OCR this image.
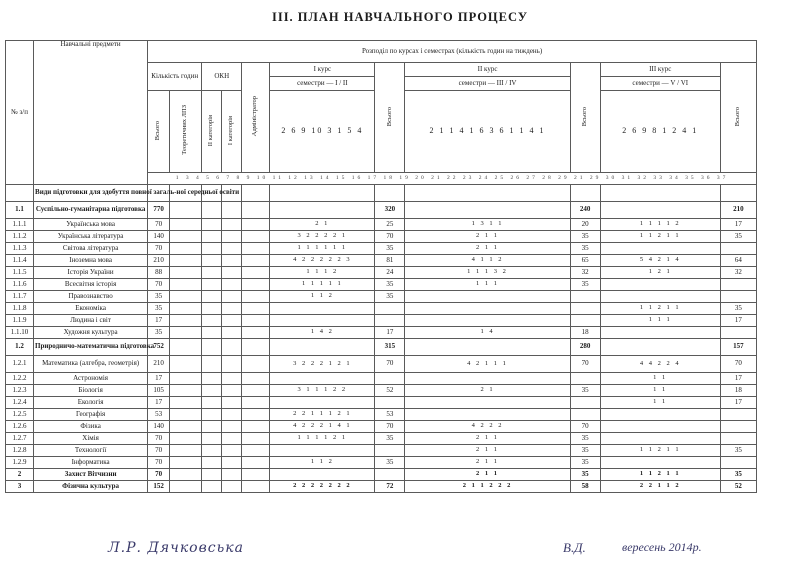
ІІІ. ПЛАН НАВЧАЛЬНОГО ПРОЦЕСУ
№ з/п	Навчальні предмети	Розподіл по курсах і семестрах (кількість годин на тиждень)										
		Кількість годин		ОКН		Адміністратор	І курс	Всього	ІІ курс	Всього	ІІІ курс	Всього
							семестри — І / ІІ		семестри — ІІІ / ІV		семестри — V / VІ	
		Всього	Теоретичних ЛПЗ	ІІ категорія	І категорія		2 6 9 10 3 1 5 4		2 1 1 4 1 6 3 6 1 1 4 1		2 6 9 8 1 2 4 1	
		1 3 4 5 6 7 8 9 10 11 12 13 14 15 16 17 18 19 20 21 22 23 24 25 26 27 28 29 21 29 30 31 32 33 34 35 36 37										
	Види підготовки для здобуття повної загаль-ної середньої освіти											
1.1	Суспільно-гуманітарна підготовка	770						320		240		210
1.1.1	Українська мова	70					2 1	25	1 3 1 1	20	1 1 1 1 2	17
1.1.2	Українська література	140					3 2 2 2 2 1	70	2 1 1	35	1 1 2 1 1	35
1.1.3	Світова література	70					1 1 1 1 1 1	35	2 1 1	35		
1.1.4	Іноземна мова	210					4 2 2 2 2 2 3	81	4 1 1 2	65	5 4 2 1 4	64
1.1.5	Історія України	88					1 1 1 2	24	1 1 1 3 2	32	1 2 1	32
1.1.6	Всесвітня історія	70					1 1 1 1 1	35	1 1 1	35		
1.1.7	Правознавство	35					1 1 2	35				
1.1.8	Економіка	35									1 1 2 1 1	35
1.1.9	Людина і світ	17									1 1 1	17
1.1.10	Художня культура	35					1 4 2	17	1 4	18		
1.2	Природничо-математична підготовка	752						315		280		157
1.2.1	Математика (алгебра, геометрія)	210					3 2 2 2 1 2 1	70	4 2 1 1 1	70	4 4 2 2 4	70
1.2.2	Астрономія	17									1 1	17
1.2.3	Біологія	105					3 1 1 1 2 2	52	2 1	35	1 1	18
1.2.4	Екологія	17									1 1	17
1.2.5	Географія	53					2 2 1 1 1 2 1	53				
1.2.6	Фізика	140					4 2 2 2 1 4 1	70	4 2 2 2	70		
1.2.7	Хімія	70					1 1 1 1 2 1	35	2 1 1	35		
1.2.8	Технології	70							2 1 1	35	1 1 2 1 1	35
1.2.9	Інформатика	70					1 1 2	35	2 1 1	35		
2	Захист Вітчизни	70							2 1 1	35	1 1 2 1 1	35
3	Фізична культура	152					2 2 2 2 2 2 2	72	2 1 1 2 2 2	58	2 2 1 1 2	52
Л.Р. Дячковська	В.Д.	вересень 2014р.
